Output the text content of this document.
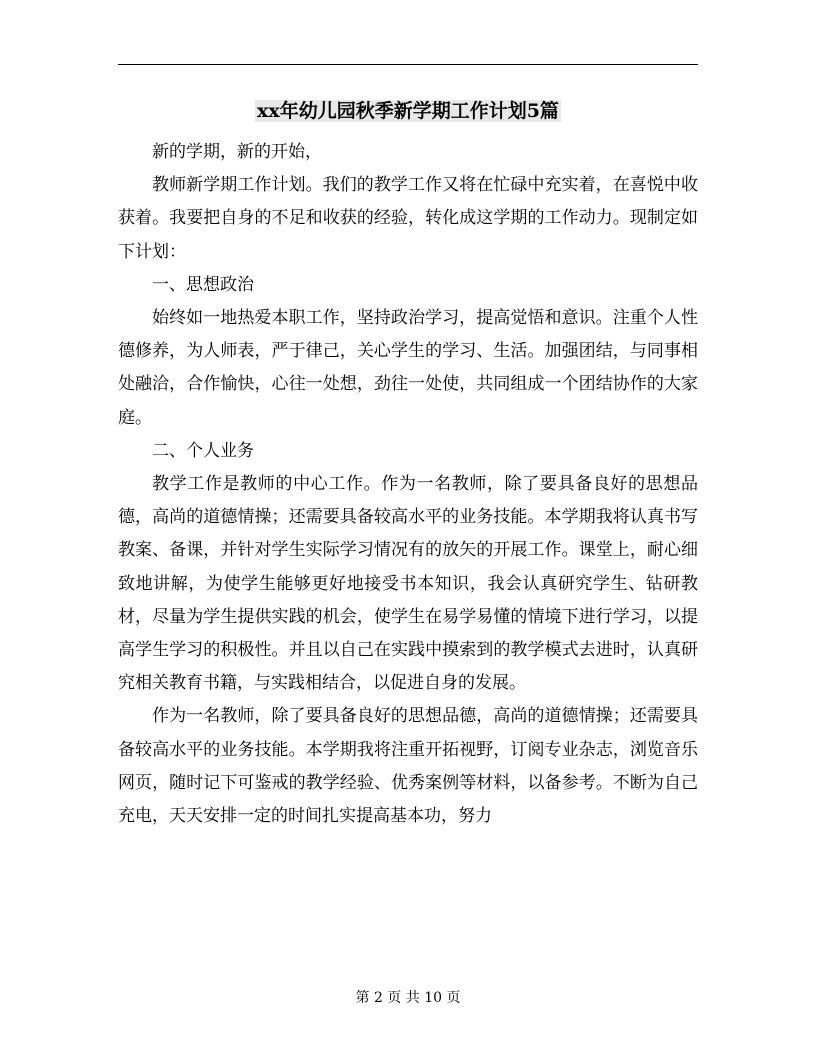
xx年幼儿园秋季新学期工作计划5篇

新的学期，新的开始，

教师新学期工作计划。我们的教学工作又将在忙碌中充实着，在喜悦中收获着。我要把自身的不足和收获的经验，转化成这学期的工作动力。现制定如下计划：

一、思想政治

始终如一地热爱本职工作，坚持政治学习，提高觉悟和意识。注重个人性德修养，为人师表，严于律己，关心学生的学习、生活。加强团结，与同事相处融洽，合作愉快，心往一处想，劲往一处使，共同组成一个团结协作的大家庭。

二、个人业务

教学工作是教师的中心工作。作为一名教师，除了要具备良好的思想品德，高尚的道德情操；还需要具备较高水平的业务技能。本学期我将认真书写教案、备课，并针对学生实际学习情况有的放矢的开展工作。课堂上，耐心细致地讲解，为使学生能够更好地接受书本知识，我会认真研究学生、钻研教材，尽量为学生提供实践的机会，使学生在易学易懂的情境下进行学习，以提高学生学习的积极性。并且以自己在实践中摸索到的教学模式去进时，认真研究相关教育书籍，与实践相结合，以促进自身的发展。

作为一名教师，除了要具备良好的思想品德，高尚的道德情操；还需要具备较高水平的业务技能。本学期我将注重开拓视野，订阅专业杂志，浏览音乐网页，随时记下可鉴戒的教学经验、优秀案例等材料，以备参考。不断为自己充电，天天安排一定的时间扎实提高基本功，努力

第 2 页 共 10 页
